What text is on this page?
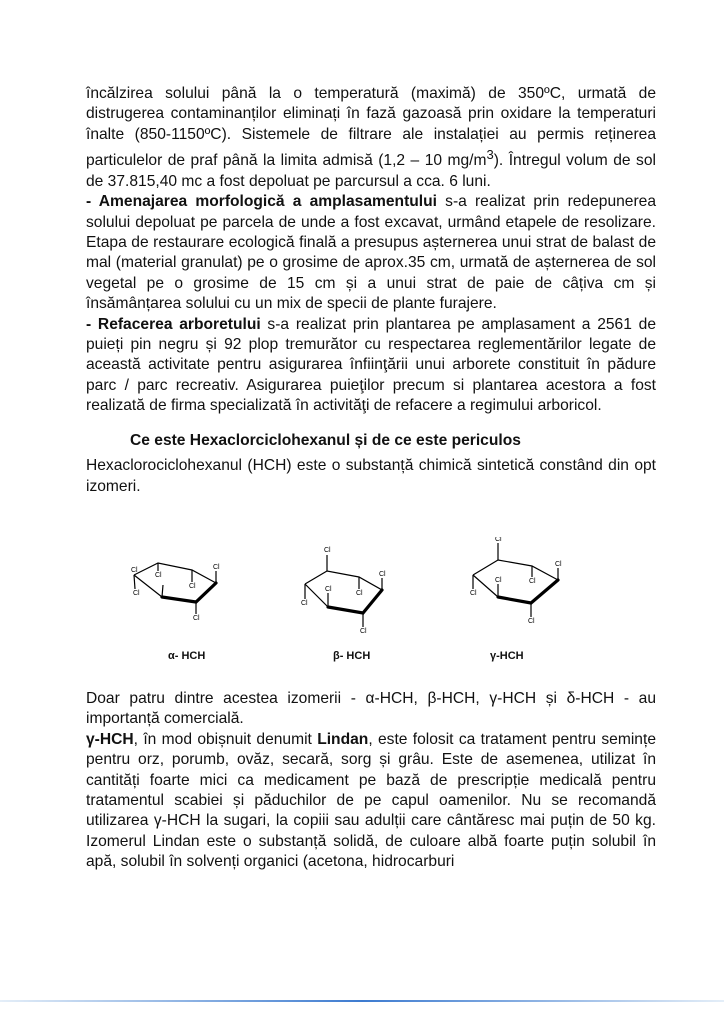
încălzirea solului până la o temperatură (maximă) de 350ºC, urmată de distrugerea contaminanților eliminați în fază gazoasă prin oxidare la temperaturi înalte (850-1150ºC). Sistemele de filtrare ale instalației au permis reținerea particulelor de praf până la limita admisă (1,2 – 10 $mg/m^3$). Întregul volum de sol de 37.815,40 mc a fost depoluat pe parcursul a cca. 6 luni.

- Amenajarea morfologică a amplasamentului s-a realizat prin redepunerea solului depoluat pe parcela de unde a fost excavat, urmând etapele de resolizare. Etapa de restaurare ecologică finală a presupus așternerea unui strat de balast de mal (material granulat) pe o grosime de aprox.35 cm, urmată de așternerea de sol vegetal pe o grosime de 15 cm și a unui strat de paie de câțiva cm și însămânțarea solului cu un mix de specii de plante furajere.

- Refacerea arboretului s-a realizat prin plantarea pe amplasament a 2561 de puieți pin negru și 92 plop tremurător cu respectarea reglementărilor legate de această activitate pentru asigurarea înfiinţării unui arborete constituit în pădure parc / parc recreativ. Asigurarea puieţilor precum si plantarea acestora a fost realizată de firma specializată în activităţi de refacere a regimului arboricol.

Ce este Hexaclorciclohexanul și de ce este periculos

Hexaclorociclohexanul (HCH) este o substanță chimică sintetică constând din opt izomeri.

Cl
Cl
Cl
Cl
Cl
Cl
Cl
Cl
Cl
Cl
Cl
Cl
Cl
Cl
Cl
Cl
Cl
Cl
α- HCH	β- HCH	γ-HCH

Doar patru dintre acestea izomerii - α-HCH, β-HCH, γ-HCH și δ-HCH - au importanță comercială.

γ-HCH, în mod obișnuit denumit Lindan, este folosit ca tratament pentru semințe pentru orz, porumb, ovăz, secară, sorg și grâu. Este de asemenea, utilizat în cantități foarte mici ca medicament pe bază de prescripție medicală pentru tratamentul scabiei și păduchilor de pe capul oamenilor. Nu se recomandă utilizarea γ-HCH la sugari, la copiii sau adulții care cântăresc mai puțin de 50 kg. Izomerul Lindan este o substanță solidă, de culoare albă foarte puțin solubil în apă, solubil în solvenți organici (acetona, hidrocarburi
